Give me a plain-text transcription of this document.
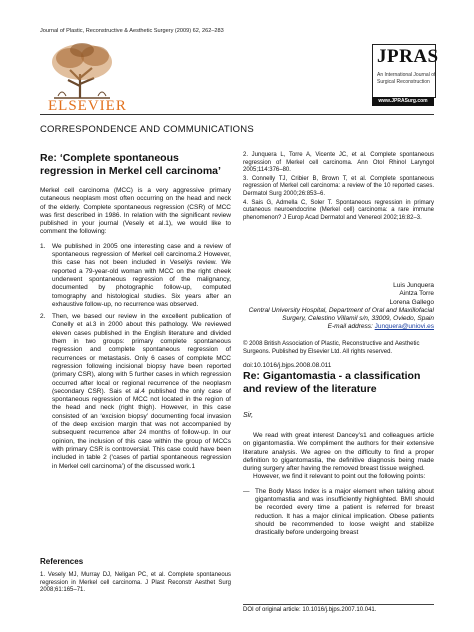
Journal of Plastic, Reconstructive & Aesthetic Surgery (2009) 62, 262–283
ELSEVIER
JPRAS
An International Journal of
Surgical Reconstruction
www.JPRASurg.com
CORRESPONDENCE AND COMMUNICATIONS
Re: ‘Complete spontaneous regression in Merkel cell carcinoma’

Merkel cell carcinoma (MCC) is a very aggressive primary cutaneous neoplasm most often occurring on the head and neck of the elderly. Complete spontaneous regression (CSR) of MCC was first described in 1986. In relation with the significant review published in your journal (Vesely et al.1), we would like to comment the following:

1. We published in 2005 one interesting case and a review of spontaneous regression of Merkel cell carcinoma.2 However, this case has not been included in Veselýs review. We reported a 79-year-old woman with MCC on the right cheek underwent spontaneous regression of the malignancy, documented by photographic follow-up, computed tomography and histological studies. Six years after an exhaustive follow-up, no recurrence was observed.
2. Then, we based our review in the excellent publication of Conelly et al.3 in 2000 about this pathology. We reviewed eleven cases published in the English literature and divided them in two groups: primary complete spontaneous regression and complete spontaneous regression of recurrences or metastasis. Only 6 cases of complete MCC regression following incisional biopsy have been reported (primary CSR), along with 5 further cases in which regression occurred after local or regional recurrence of the neoplasm (secondary CSR). Sais et al.4 published the only case of spontaneous regression of MCC not located in the region of the head and neck (right thigh). However, in this case consisted of an ‘excision biopsy’ documenting focal invasion of the deep excision margin that was not accompanied by subsequent recurrence after 24 months of follow-up. In our opinion, the inclusion of this case within the group of MCCs with primary CSR is controversial. This case could have been included in table 2 (‘cases of partial spontaneous regression in Merkel cell carcinoma’) of the discussed work.1
References
1. Vesely MJ, Murray DJ, Neligan PC, et al. Complete spontaneous regression in Merkel cell carcinoma. J Plast Reconstr Aesthet Surg 2008;61:165–71.
2. Junquera L, Torre A, Vicente JC, et al. Complete spontaneous regression of Merkel cell carcinoma. Ann Otol Rhinol Laryngol 2005;114:376–80.
3. Connelly TJ, Cribier B, Brown T, et al. Complete spontaneous regression of Merkel cell carcinoma: a review of the 10 reported cases. Dermatol Surg 2000;26:853–6.
4. Sais G, Admella C, Soler T. Spontaneous regression in primary cutaneous neuroendocrine (Merkel cell) carcinoma: a rare immune phenomenon? J Europ Acad Dermatol and Venereol 2002;16:82–3.
Luis Junquera
Aintza Torre
Lorena Gallego
Central University Hospital, Department of Oral and Maxillofacial Surgery, Celestino Villamil s/n, 33009, Oviedo, Spain
E-mail address: Junquera@uniovi.es
© 2008 British Association of Plastic, Reconstructive and Aesthetic Surgeons. Published by Elsevier Ltd. All rights reserved.
doi:10.1016/j.bjps.2008.08.011
Re: Gigantomastia - a classification and review of the literature
Sir,

We read with great interest Dancey’s1 and colleagues article on gigantomastia. We compliment the authors for their extensive literature analysis. We agree on the difficulty to find a proper definition to gigantomastia, the definitive diagnosis being made during surgery after having the removed breast tissue weighed.

However, we find it relevant to point out the following points:

— The Body Mass Index is a major element when talking about gigantomastia and was insufficiently highlighted. BMI should be recorded every time a patient is referred for breast reduction. It has a major clinical implication. Obese patients should be recommended to loose weight and stabilize drastically before undergoing breast
DOI of original article: 10.1016/j.bjps.2007.10.041.
